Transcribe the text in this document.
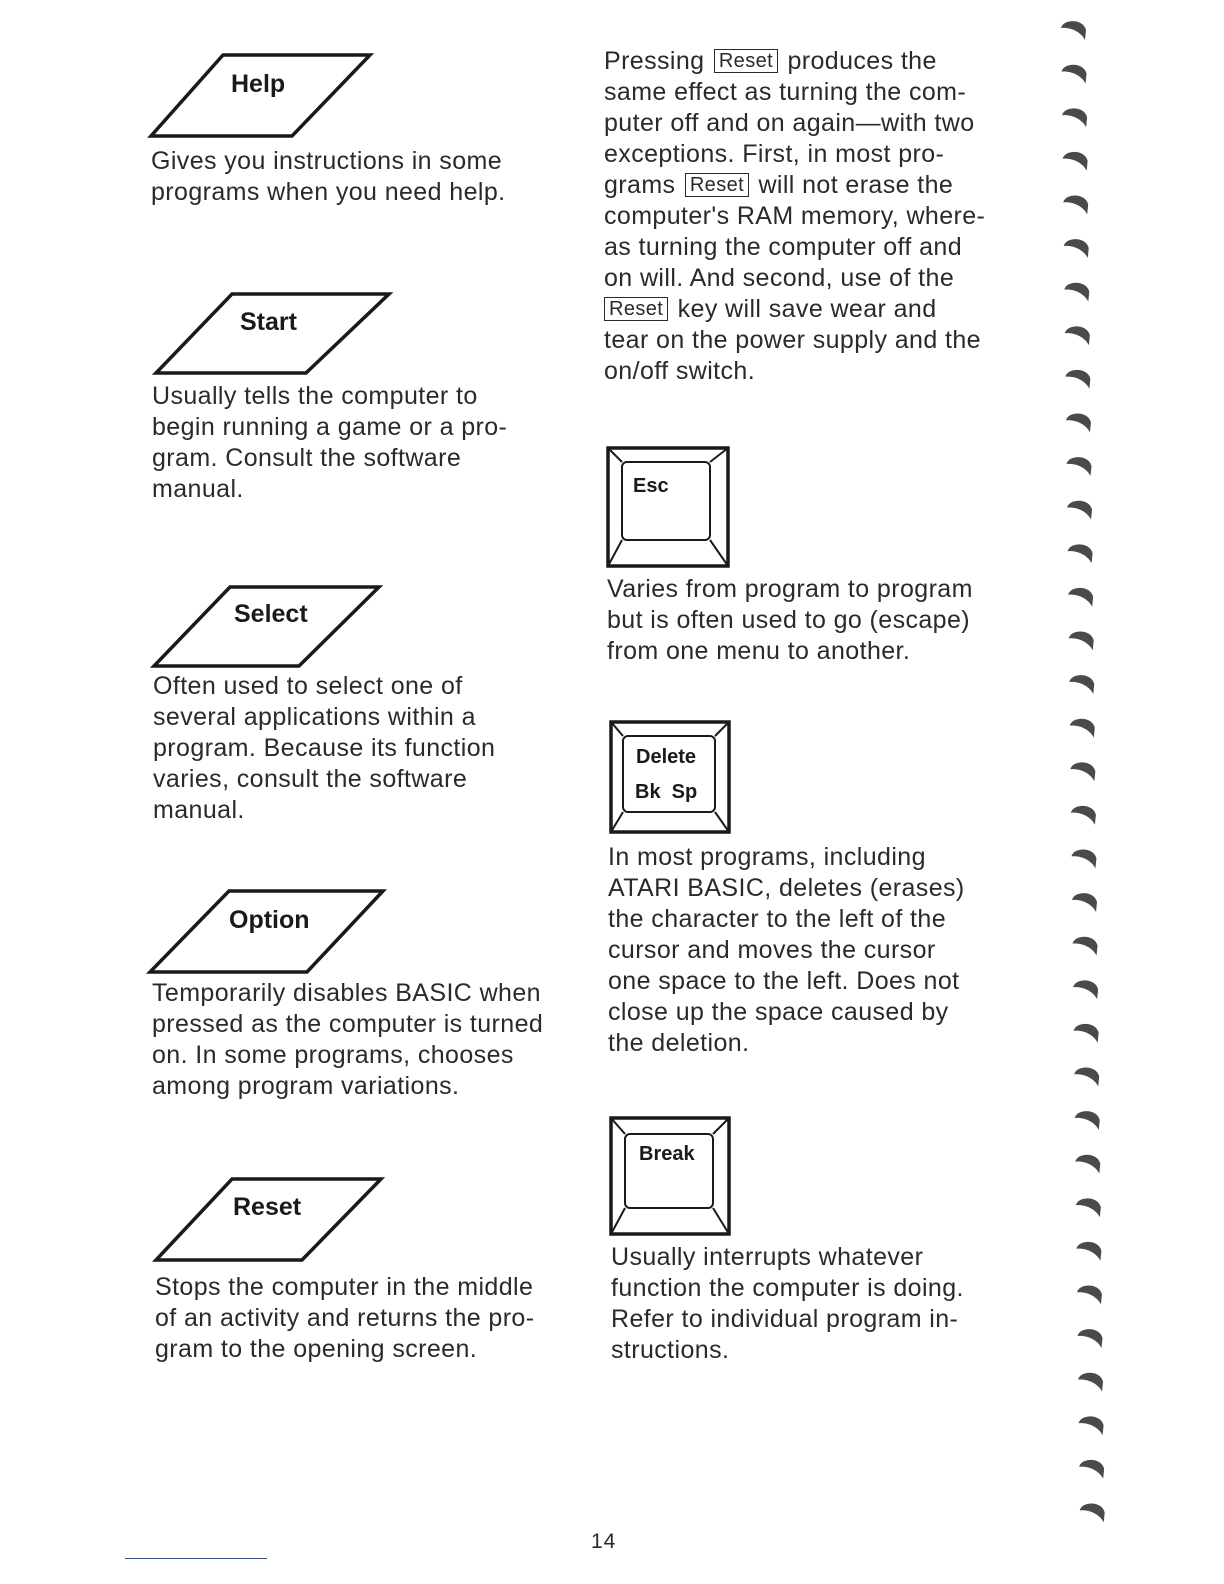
Help

Gives you instructions in some
programs when you need help.

Start

Usually tells the computer to
begin running a game or a pro-
gram. Consult the software
manual.

Select

Often used to select one of
several applications within a
program. Because its function
varies, consult the software
manual.

Option

Temporarily disables BASIC when
pressed as the computer is turned
on. In some programs, chooses
among program variations.

Reset

Stops the computer in the middle
of an activity and returns the pro-
gram to the opening screen.

Pressing Reset produces the
same effect as turning the com-
puter off and on again—with two
exceptions. First, in most pro-
grams Reset will not erase the
computer's RAM memory, where-
as turning the computer off and
on will. And second, use of the
Reset key will save wear and
tear on the power supply and the
on/off switch.

Esc

Varies from program to program
but is often used to go (escape)
from one menu to another.

Delete
Bk  Sp

In most programs, including
ATARI BASIC, deletes (erases)
the character to the left of the
cursor and moves the cursor
one space to the left. Does not
close up the space caused by
the deletion.

Break

Usually interrupts whatever
function the computer is doing.
Refer to individual program in-
structions.

14
